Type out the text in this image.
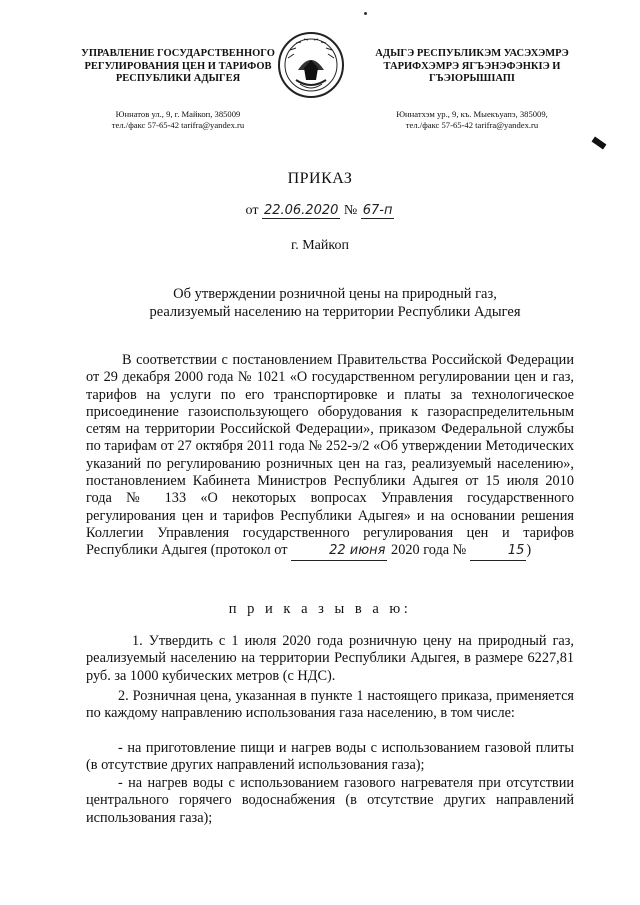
УПРАВЛЕНИЕ ГОСУДАРСТВЕННОГО РЕГУЛИРОВАНИЯ ЦЕН И ТАРИФОВ РЕСПУБЛИКИ АДЫГЕЯ
Юннатов ул., 9, г. Майкоп, 385009
тел./факс 57-65-42 tarifra@yandex.ru
АДЫГЭ РЕСПУБЛИКЭМ УАСЭХЭМРЭ ТАРИФХЭМРЭ ЯГЪЭНЭФЭНКІЭ И ГЪЭІОРЫШІАПІ
Юннатхэм ур., 9, къ. Мыекъуапэ, 385009,
тел./факс 57-65-42 tarifra@yandex.ru
ПРИКАЗ
от 22.06.2020 № 67-п
г. Майкоп
Об утверждении розничной цены на природный газ,
реализуемый населению на территории Республики Адыгея
В соответствии с постановлением Правительства Российской Федерации от 29 декабря 2000 года № 1021 «О государственном регулировании цен и газ, тарифов на услуги по его транспортировке и платы за технологическое присоединение газоиспользующего оборудования к газораспределительным сетям на территории Российской Федерации», приказом Федеральной службы по тарифам от 27 октября 2011 года № 252-э/2 «Об утверждении Методических указаний по регулированию розничных цен на газ, реализуемый населению», постановлением Кабинета Министров Республики Адыгея от 15 июля 2010 года № 133 «О некоторых вопросах Управления государственного регулирования цен и тарифов Республики Адыгея» и на основании решения Коллегии Управления государственного регулирования цен и тарифов Республики Адыгея (протокол от	22 июня 2020 года №	15 )
п р и к а з ы в а ю:
1. Утвердить с 1 июля 2020 года розничную цену на природный газ, реализуемый населению на территории Республики Адыгея, в размере 6227,81 руб. за 1000 кубических метров (с НДС).
2. Розничная цена, указанная в пункте 1 настоящего приказа, применяется по каждому направлению использования газа населению, в том числе:
- на приготовление пищи и нагрев воды с использованием газовой плиты (в отсутствие других направлений использования газа);
- на нагрев воды с использованием газового нагревателя при отсутствии центрального горячего водоснабжения (в отсутствие других направлений использования газа);
